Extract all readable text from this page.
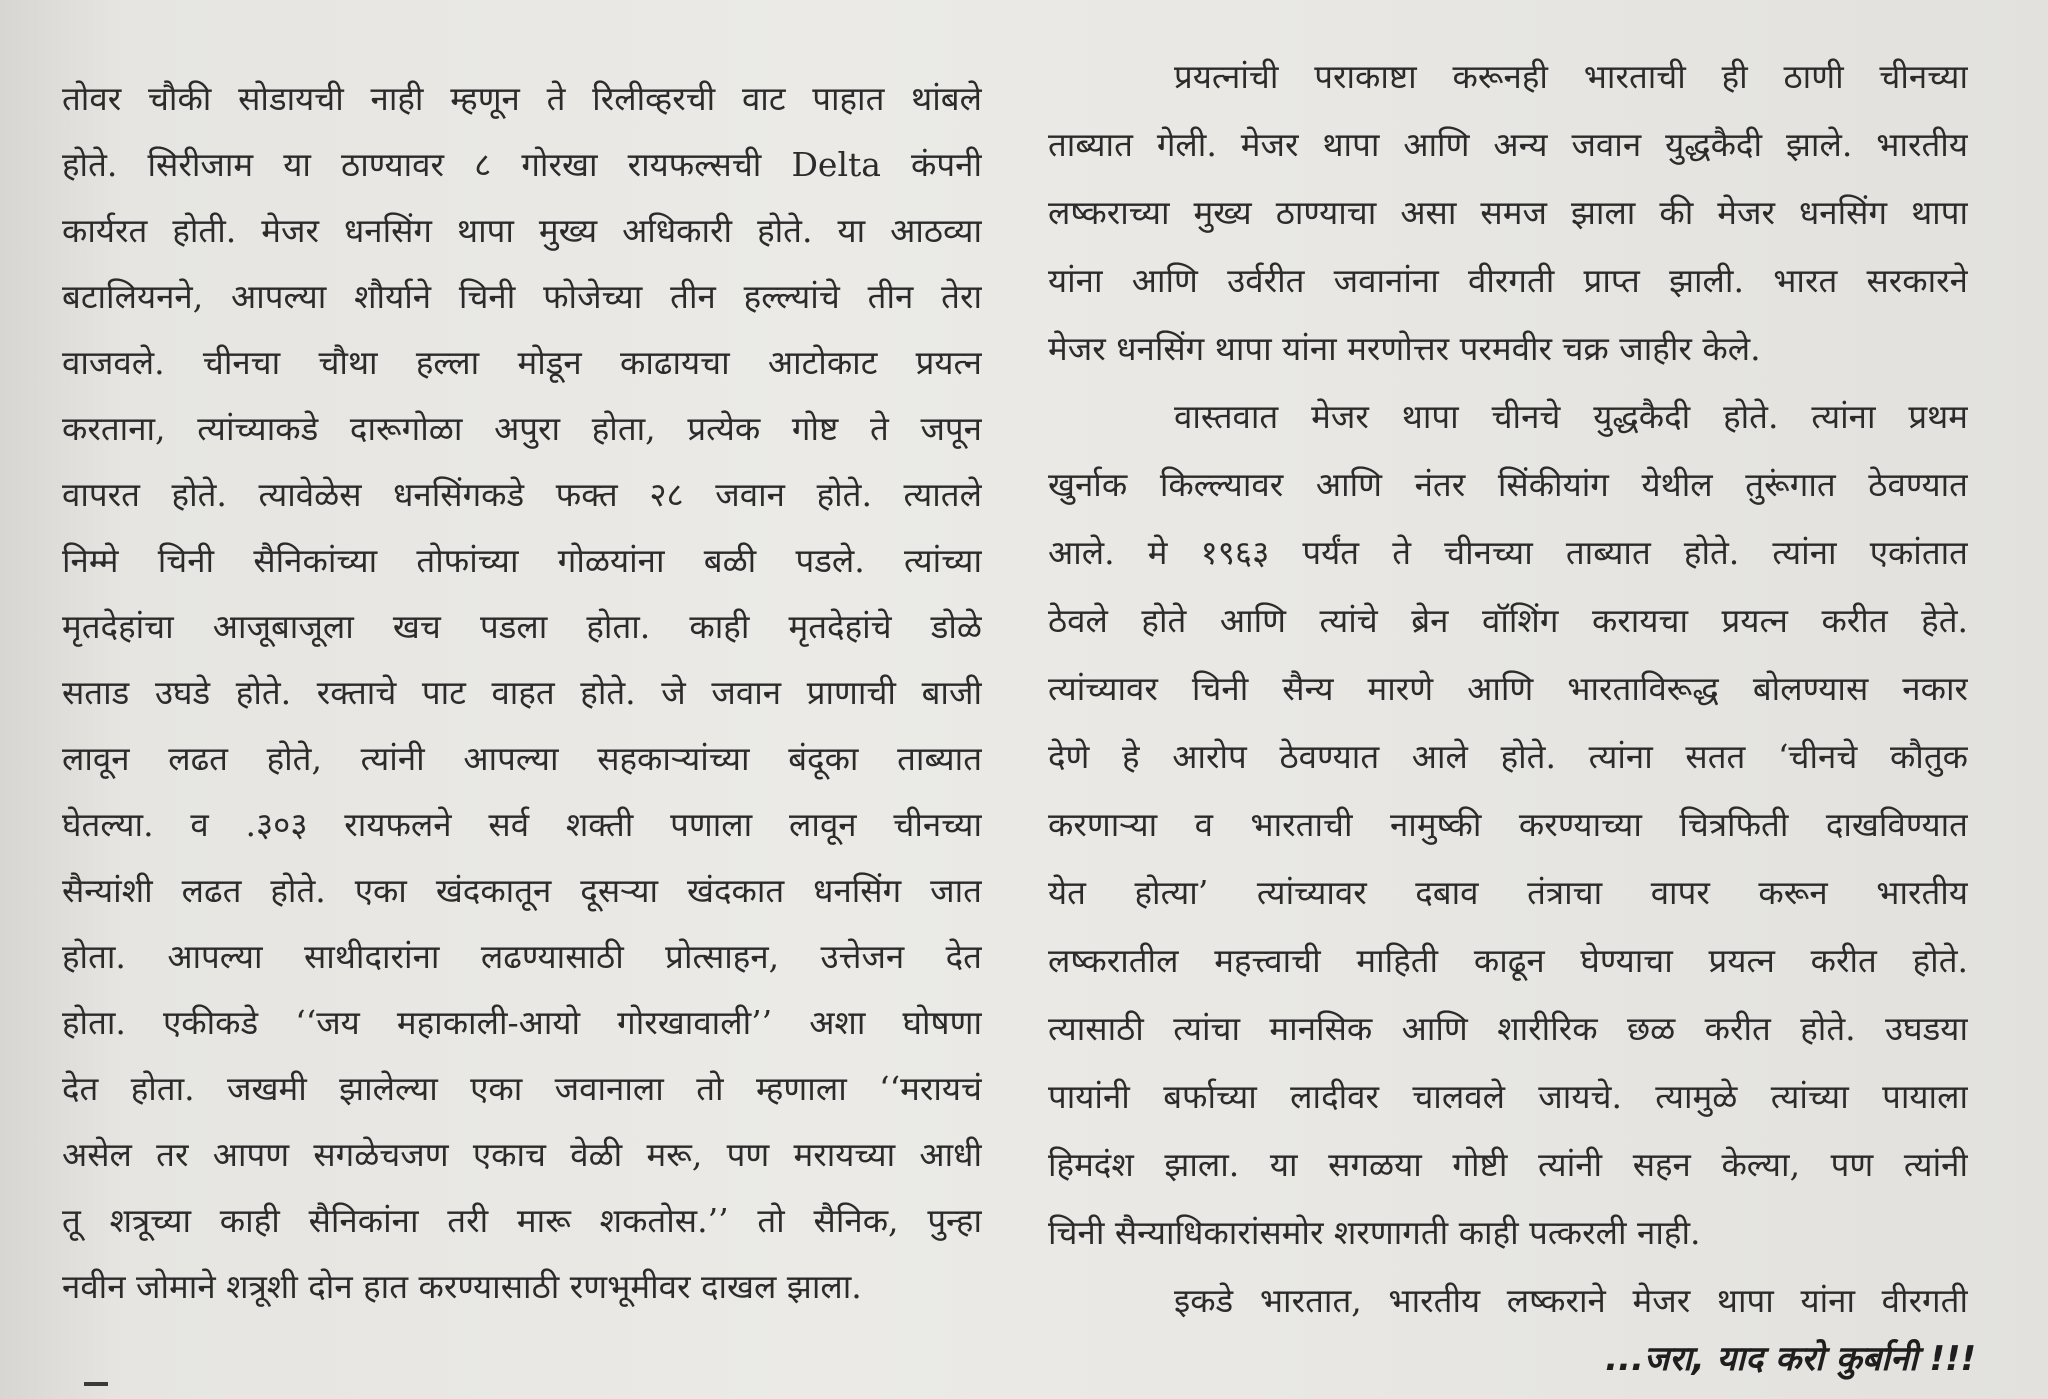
तोवर चौकी सोडायची नाही म्हणून ते रिलीव्हरची वाट पाहात थांबले
होते. सिरीजाम या ठाण्यावर ८ गोरखा रायफल्सची Delta कंपनी
कार्यरत होती. मेजर धनसिंग थापा मुख्य अधिकारी होते. या आठव्या
बटालियनने, आपल्या शौर्याने चिनी फोजेच्या तीन हल्ल्यांचे तीन तेरा
वाजवले. चीनचा चौथा हल्ला मोडून काढायचा आटोकाट प्रयत्न
करताना, त्यांच्याकडे दारूगोळा अपुरा होता, प्रत्येक गोष्ट ते जपून
वापरत होते. त्यावेळेस धनसिंगकडे फक्त २८ जवान होते. त्यातले
निम्मे चिनी सैनिकांच्या तोफांच्या गोळयांना बळी पडले. त्यांच्या
मृतदेहांचा आजूबाजूला खच पडला होता. काही मृतदेहांचे डोळे
सताड उघडे होते. रक्ताचे पाट वाहत होते. जे जवान प्राणाची बाजी
लावून लढत होते, त्यांनी आपल्या सहकाऱ्यांच्या बंदूका ताब्यात
घेतल्या. व .३०३ रायफलने सर्व शक्ती पणाला लावून चीनच्या
सैन्यांशी लढत होते. एका खंदकातून दूसऱ्या खंदकात धनसिंग जात
होता. आपल्या साथीदारांना लढण्यासाठी प्रोत्साहन, उत्तेजन देत
होता. एकीकडे ‘‘जय महाकाली-आयो गोरखावाली’’ अशा घोषणा
देत होता. जखमी झालेल्या एका जवानाला तो म्हणाला ‘‘मरायचं
असेल तर आपण सगळेचजण एकाच वेळी मरू, पण मरायच्या आधी
तू शत्रूच्या काही सैनिकांना तरी मारू शकतोस.’’ तो सैनिक, पुन्हा
नवीन जोमाने शत्रूशी दोन हात करण्यासाठी रणभूमीवर दाखल झाला.
प्रयत्नांची पराकाष्टा करूनही भारताची ही ठाणी चीनच्या
ताब्यात गेली. मेजर थापा आणि अन्य जवान युद्धकैदी झाले. भारतीय
लष्कराच्या मुख्य ठाण्याचा असा समज झाला की मेजर धनसिंग थापा
यांना आणि उर्वरीत जवानांना वीरगती प्राप्त झाली. भारत सरकारने
मेजर धनसिंग थापा यांना मरणोत्तर परमवीर चक्र जाहीर केले.
वास्तवात मेजर थापा चीनचे युद्धकैदी होते. त्यांना प्रथम
खुर्नाक किल्ल्यावर आणि नंतर सिंकीयांग येथील तुरूंगात ठेवण्यात
आले. मे १९६३ पर्यंत ते चीनच्या ताब्यात होते. त्यांना एकांतात
ठेवले होते आणि त्यांचे ब्रेन वॉशिंग करायचा प्रयत्न करीत हेते.
त्यांच्यावर चिनी सैन्य मारणे आणि भारताविरूद्ध बोलण्यास नकार
देणे हे आरोप ठेवण्यात आले होते. त्यांना सतत ‘चीनचे कौतुक
करणाऱ्या व भारताची नामुष्की करण्याच्या चित्रफिती दाखविण्यात
येत होत्या’ त्यांच्यावर दबाव तंत्राचा वापर करून भारतीय
लष्करातील महत्त्वाची माहिती काढून घेण्याचा प्रयत्न करीत होते.
त्यासाठी त्यांचा मानसिक आणि शारीरिक छळ करीत होते. उघडया
पायांनी बर्फाच्या लादीवर चालवले जायचे. त्यामुळे त्यांच्या पायाला
हिमदंश झाला. या सगळया गोष्टी त्यांनी सहन केल्या, पण त्यांनी
चिनी सैन्याधिकारांसमोर शरणागती काही पत्करली नाही.
इकडे भारतात, भारतीय लष्कराने मेजर थापा यांना वीरगती
...जरा, याद करो कुर्बानी !!!
